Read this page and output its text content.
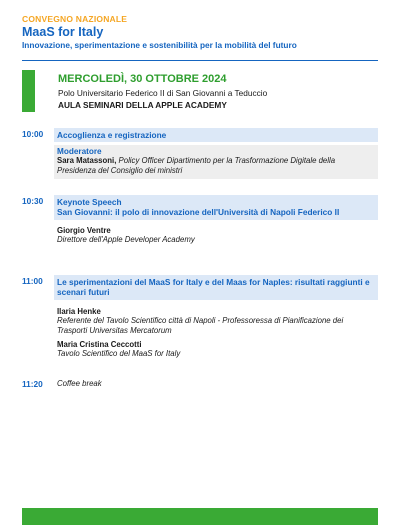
CONVEGNO NAZIONALE
MaaS for Italy
Innovazione, sperimentazione e sostenibilità per la mobilità del futuro
MERCOLEDÌ, 30 OTTOBRE 2024
Polo Universitario Federico II di San Giovanni a Teduccio
AULA SEMINARI DELLA APPLE ACADEMY
10:00	Accoglienza e registrazione
Moderatore
Sara Matassoni, Policy Officer Dipartimento per la Trasformazione Digitale della Presidenza del Consiglio dei ministri
10:30	Keynote Speech
San Giovanni: il polo di innovazione dell'Università di Napoli Federico II
Giorgio Ventre
Direttore dell'Apple Developer Academy
11:00	Le sperimentazioni del MaaS for Italy e del Maas for Naples: risultati raggiunti e scenari futuri
Ilaria Henke
Referente del Tavolo Scientifico città di Napoli - Professoressa di Pianificazione dei Trasporti Universitas Mercatorum
Maria Cristina Ceccotti
Tavolo Scientifico del MaaS for Italy
11:20	Coffee break
